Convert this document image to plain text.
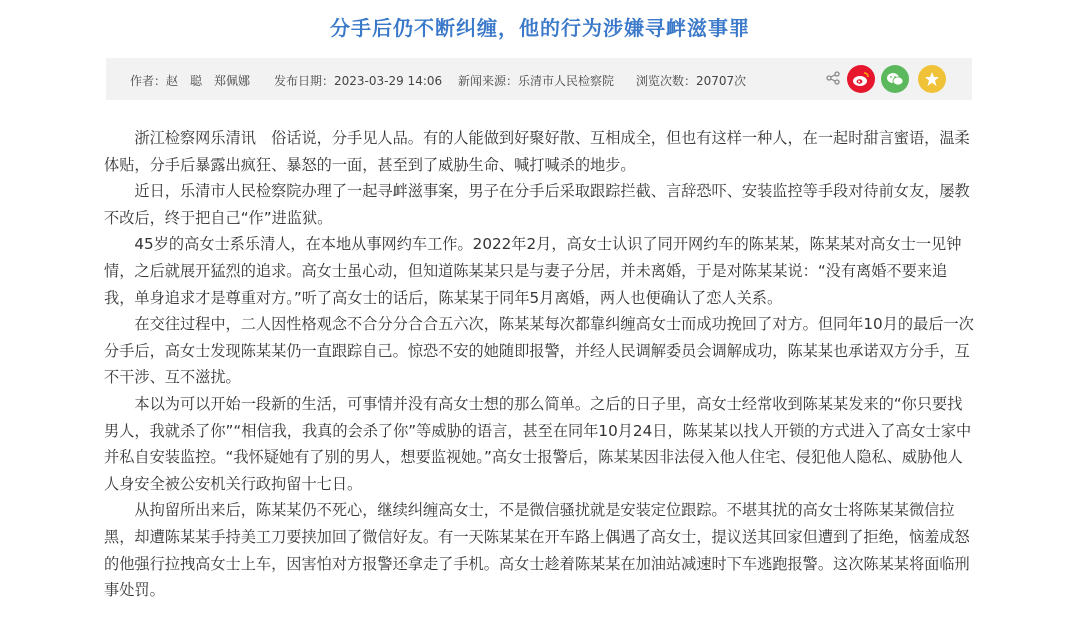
分手后仍不断纠缠，他的行为涉嫌寻衅滋事罪
作者：赵　聪　郑佩娜 发布日期：2023-03-29 14:06 新闻来源：乐清市人民检察院 浏览次数：20707次

浙江检察网乐清讯　俗话说，分手见人品。有的人能做到好聚好散、互相成全，但也有这样一种人，在一起时甜言蜜语，温柔体贴，分手后暴露出疯狂、暴怒的一面，甚至到了威胁生命、喊打喊杀的地步。

近日，乐清市人民检察院办理了一起寻衅滋事案，男子在分手后采取跟踪拦截、言辞恐吓、安装监控等手段对待前女友，屡教不改后，终于把自己“作”进监狱。

45岁的高女士系乐清人，在本地从事网约车工作。2022年2月，高女士认识了同开网约车的陈某某，陈某某对高女士一见钟情，之后就展开猛烈的追求。高女士虽心动，但知道陈某某只是与妻子分居，并未离婚，于是对陈某某说：“没有离婚不要来追我，单身追求才是尊重对方。”听了高女士的话后，陈某某于同年5月离婚，两人也便确认了恋人关系。

在交往过程中，二人因性格观念不合分分合合五六次，陈某某每次都靠纠缠高女士而成功挽回了对方。但同年10月的最后一次分手后，高女士发现陈某某仍一直跟踪自己。惊恐不安的她随即报警，并经人民调解委员会调解成功，陈某某也承诺双方分手，互不干涉、互不滋扰。

本以为可以开始一段新的生活，可事情并没有高女士想的那么简单。之后的日子里，高女士经常收到陈某某发来的“你只要找男人，我就杀了你”“相信我，我真的会杀了你”等威胁的语言，甚至在同年10月24日，陈某某以找人开锁的方式进入了高女士家中并私自安装监控。“我怀疑她有了别的男人，想要监视她。”高女士报警后，陈某某因非法侵入他人住宅、侵犯他人隐私、威胁他人人身安全被公安机关行政拘留十七日。

从拘留所出来后，陈某某仍不死心，继续纠缠高女士，不是微信骚扰就是安装定位跟踪。不堪其扰的高女士将陈某某微信拉黑，却遭陈某某手持美工刀要挟加回了微信好友。有一天陈某某在开车路上偶遇了高女士，提议送其回家但遭到了拒绝，恼羞成怒的他强行拉拽高女士上车，因害怕对方报警还拿走了手机。高女士趁着陈某某在加油站减速时下车逃跑报警。这次陈某某将面临刑事处罚。
